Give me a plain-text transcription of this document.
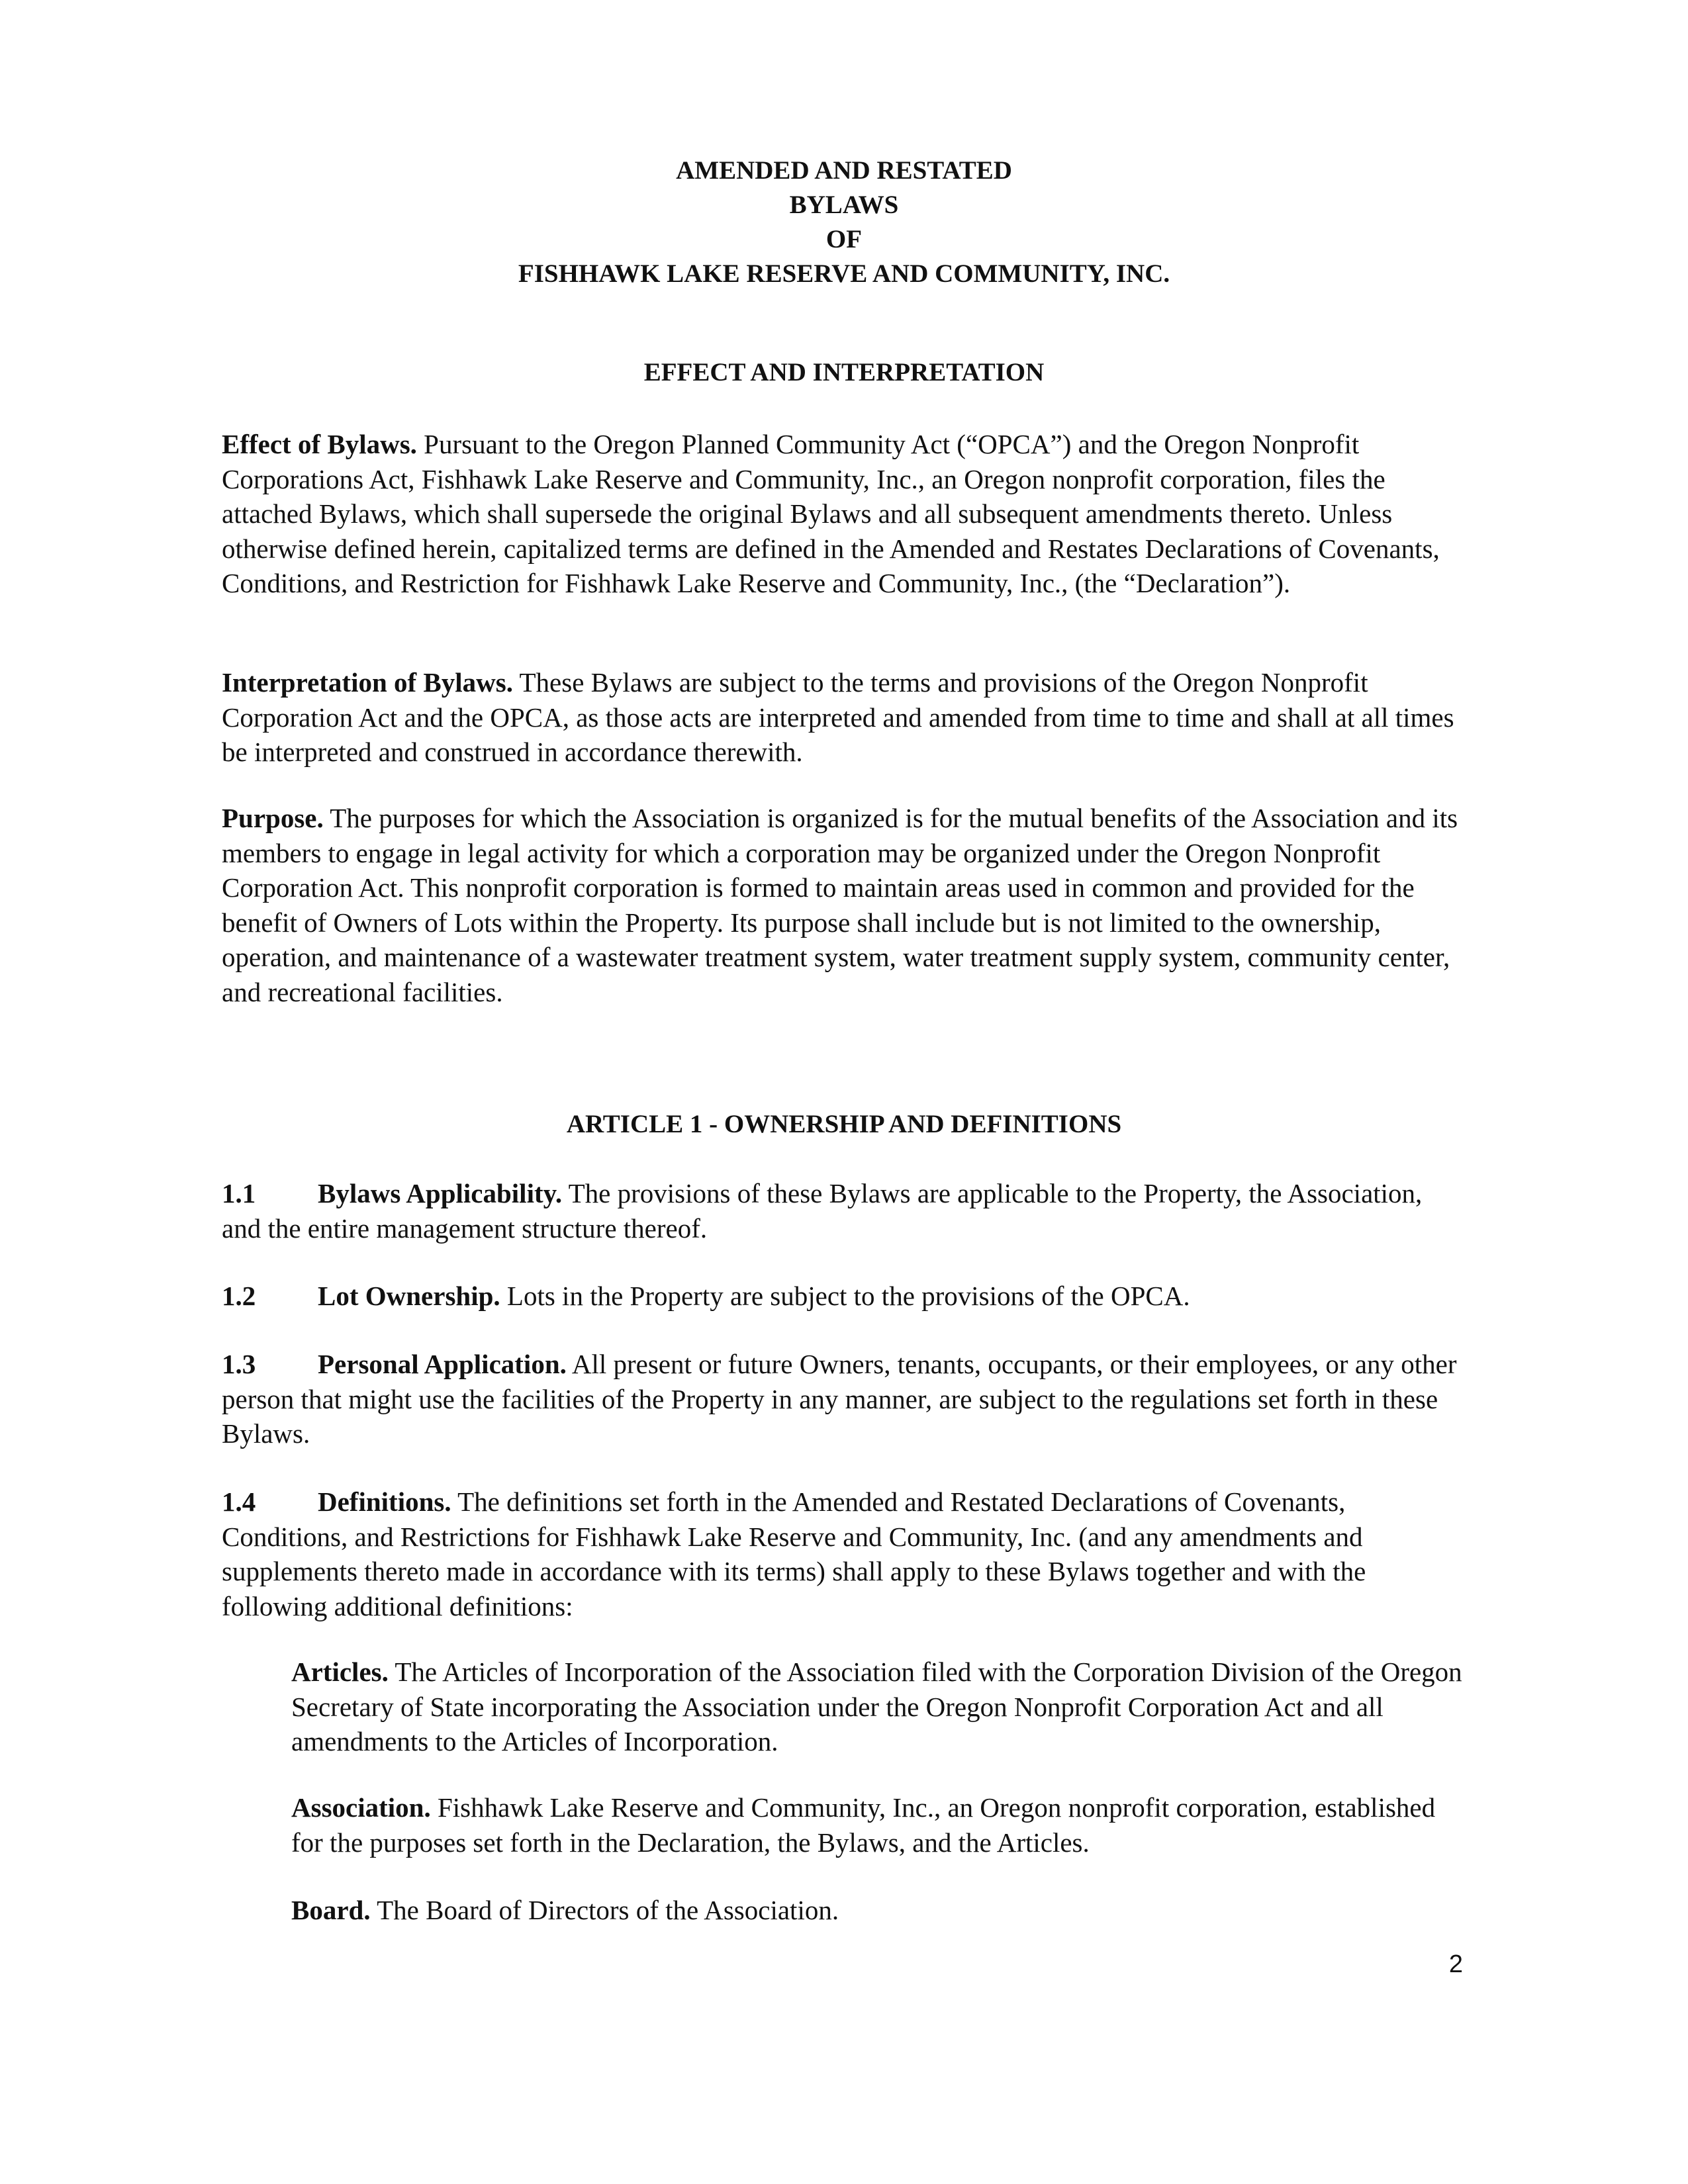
AMENDED AND RESTATED
BYLAWS
OF
FISHHAWK LAKE RESERVE AND COMMUNITY, INC.
EFFECT AND INTERPRETATION
Effect of Bylaws. Pursuant to the Oregon Planned Community Act (“OPCA”) and the Oregon Nonprofit Corporations Act, Fishhawk Lake Reserve and Community, Inc., an Oregon nonprofit corporation, files the attached Bylaws, which shall supersede the original Bylaws and all subsequent amendments thereto. Unless otherwise defined herein, capitalized terms are defined in the Amended and Restates Declarations of Covenants, Conditions, and Restriction for Fishhawk Lake Reserve and Community, Inc., (the “Declaration”).
Interpretation of Bylaws. These Bylaws are subject to the terms and provisions of the Oregon Nonprofit Corporation Act and the OPCA, as those acts are interpreted and amended from time to time and shall at all times be interpreted and construed in accordance therewith.
Purpose. The purposes for which the Association is organized is for the mutual benefits of the Association and its members to engage in legal activity for which a corporation may be organized under the Oregon Nonprofit Corporation Act. This nonprofit corporation is formed to maintain areas used in common and provided for the benefit of Owners of Lots within the Property. Its purpose shall include but is not limited to the ownership, operation, and maintenance of a wastewater treatment system, water treatment supply system, community center, and recreational facilities.
ARTICLE 1 - OWNERSHIP AND DEFINITIONS
1.1 Bylaws Applicability. The provisions of these Bylaws are applicable to the Property, the Association, and the entire management structure thereof.
1.2 Lot Ownership. Lots in the Property are subject to the provisions of the OPCA.
1.3 Personal Application. All present or future Owners, tenants, occupants, or their employees, or any other person that might use the facilities of the Property in any manner, are subject to the regulations set forth in these Bylaws.
1.4 Definitions. The definitions set forth in the Amended and Restated Declarations of Covenants, Conditions, and Restrictions for Fishhawk Lake Reserve and Community, Inc. (and any amendments and supplements thereto made in accordance with its terms) shall apply to these Bylaws together and with the following additional definitions:
Articles. The Articles of Incorporation of the Association filed with the Corporation Division of the Oregon Secretary of State incorporating the Association under the Oregon Nonprofit Corporation Act and all amendments to the Articles of Incorporation.
Association. Fishhawk Lake Reserve and Community, Inc., an Oregon nonprofit corporation, established for the purposes set forth in the Declaration, the Bylaws, and the Articles.
Board. The Board of Directors of the Association.
2
